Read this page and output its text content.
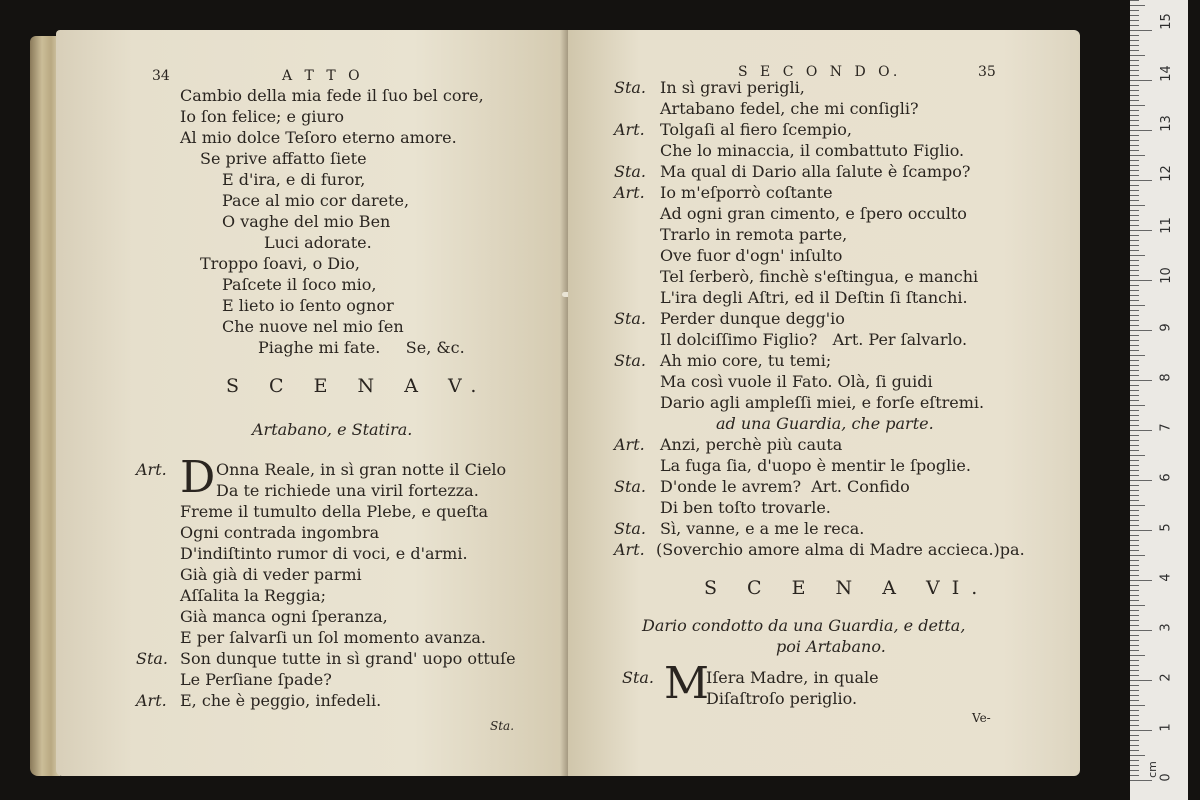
34	A T T O
Cambio della mia fede il ſuo bel core,
Io ſon felice; e giuro
Al mio dolce Teſoro eterno amore.
Se prive affatto ſiete
E d'ira, e di furor,
Pace al mio cor darete,
O vaghe del mio Ben
Luci adorate.
Troppo ſoavi, o Dio,
Paſcete il ſoco mio,
E lieto io ſento ognor
Che nuove nel mio ſen
Piaghe mi fate.     Se, &c.
S C E N A V.
Artabano, e Statira.
Art. D Onna Reale, in sì gran notte il Cielo
Da te richiede una viril fortezza.
Freme il tumulto della Plebe, e queſta
Ogni contrada ingombra
D'indiſtinto rumor di voci, e d'armi.
Già già di veder parmi
Aſſalita la Reggia;
Già manca ogni ſperanza,
E per ſalvarſi un ſol momento avanza.
Sta. Son dunque tutte in sì grand' uopo ottuſe
Le Perſiane ſpade?
Art. E, che è peggio, infedeli.
Sta.
S E C O N D O.	35
Sta. In sì gravi perigli,
Artabano fedel, che mi conſigli?
Art. Tolgaſi al fiero ſcempio,
Che lo minaccia, il combattuto Figlio.
Sta. Ma qual di Dario alla ſalute è ſcampo?
Art. Io m'eſporrò coſtante
Ad ogni gran cimento, e ſpero occulto
Trarlo in remota parte,
Ove fuor d'ogn' inſulto
Tel ſerberò, finchè s'eſtingua, e manchi
L'ira degli Aſtri, ed il Deſtin ſi ſtanchi.
Sta. Perder dunque degg'io
Il dolciſſimo Figlio?   Art. Per ſalvarlo.
Sta. Ah mio core, tu temi;
Ma così vuole il Fato. Olà, ſi guidi
Dario agli ampleſſi miei, e forſe eſtremi.
ad una Guardia, che parte.
Art. Anzi, perchè più cauta
La fuga ſia, d'uopo è mentir le ſpoglie.
Sta. D'onde le avrem?  Art. Confido
Di ben toſto trovarle.
Sta. Sì, vanne, e a me le reca.
Art. (Soverchio amore alma di Madre accieca.)pa.
S C E N A VI.
Dario condotto da una Guardia, e detta,
poi Artabano.
Sta. M
Iſera Madre, in quale
Diſaſtroſo periglio.
Ve-
0
cm
1
2
3
4
5
6
7
8
9
10
11
12
13
14
15
